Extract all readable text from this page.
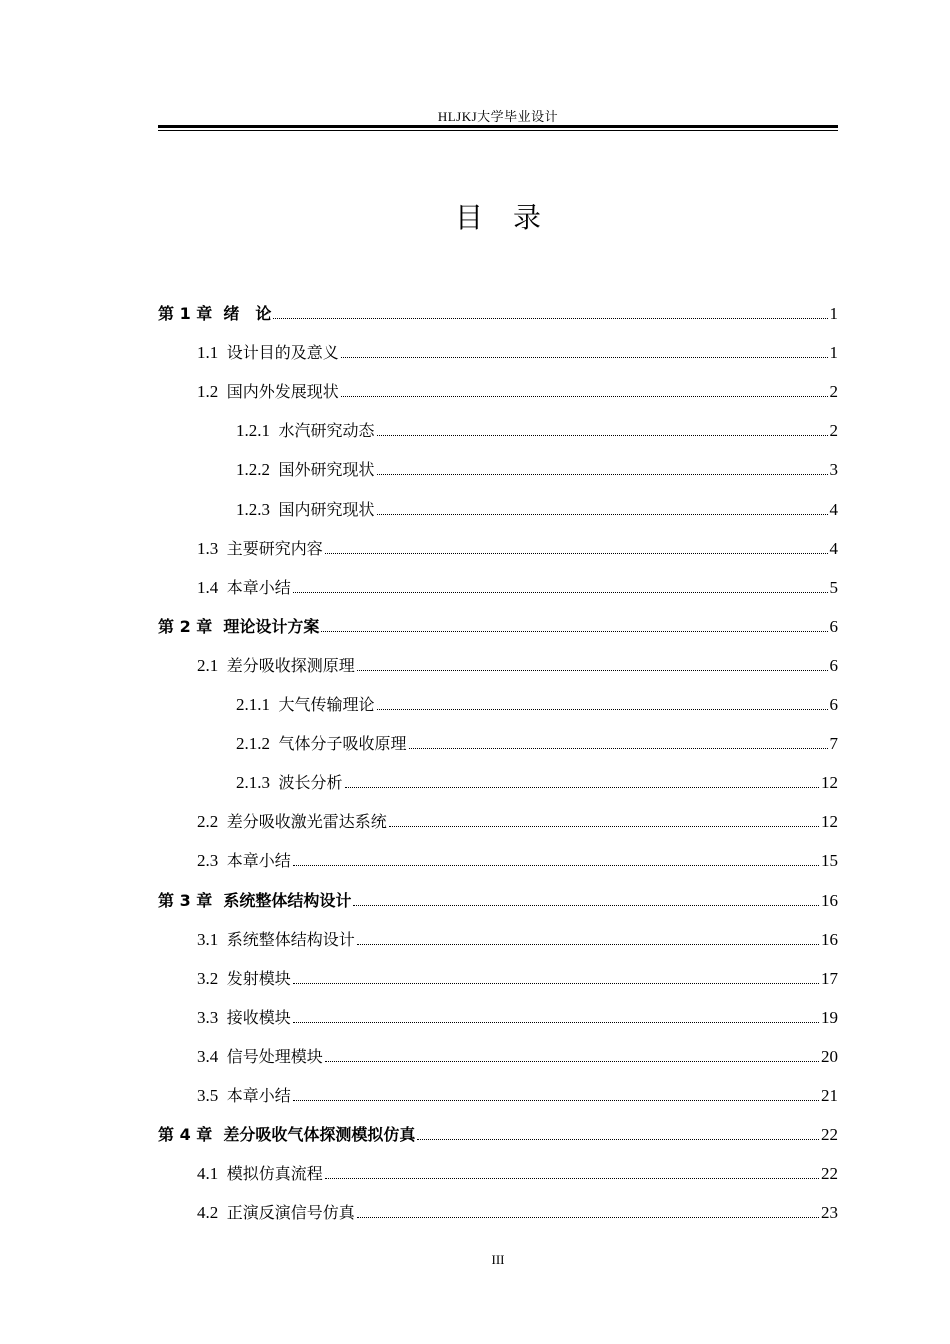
HLJKJ大学毕业设计
目录
第 1 章 绪　论	1
1.1 设计目的及意义	1
1.2 国内外发展现状	2
1.2.1 水汽研究动态	2
1.2.2 国外研究现状	3
1.2.3 国内研究现状	4
1.3 主要研究内容	4
1.4 本章小结	5
第 2 章 理论设计方案	6
2.1 差分吸收探测原理	6
2.1.1 大气传输理论	6
2.1.2 气体分子吸收原理	7
2.1.3 波长分析	12
2.2 差分吸收激光雷达系统	12
2.3 本章小结	15
第 3 章 系统整体结构设计	16
3.1 系统整体结构设计	16
3.2 发射模块	17
3.3 接收模块	19
3.4 信号处理模块	20
3.5 本章小结	21
第 4 章 差分吸收气体探测模拟仿真	22
4.1 模拟仿真流程	22
4.2 正演反演信号仿真	23
III
